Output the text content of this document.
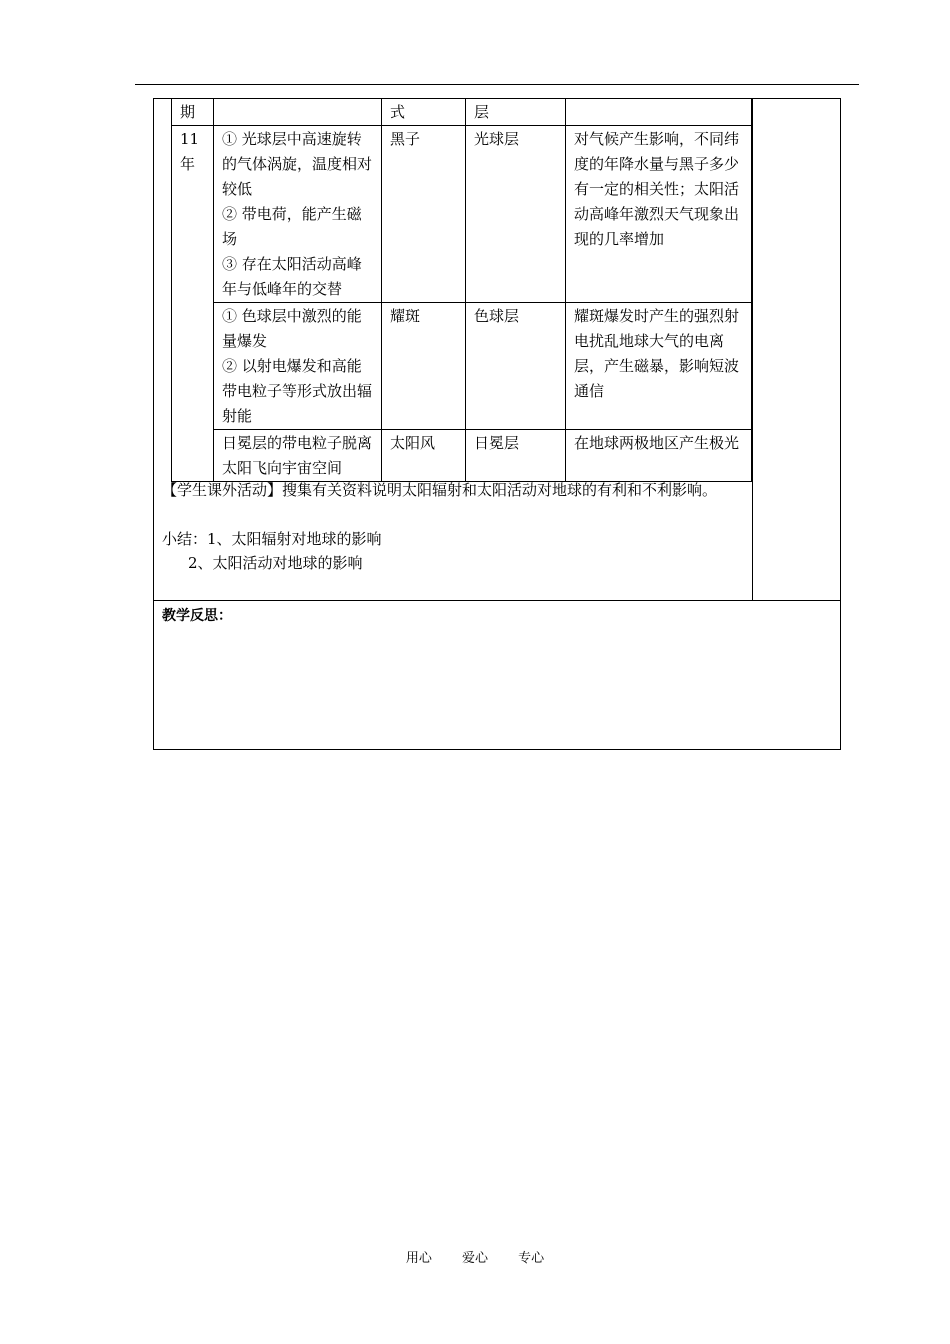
期		式	层	
11年	① 光球层中高速旋转的气体涡旋，温度相对较低
② 带电荷，能产生磁场
③ 存在太阳活动高峰年与低峰年的交替	黑子	光球层	对气候产生影响，不同纬度的年降水量与黑子多少有一定的相关性；太阳活动高峰年激烈天气现象出现的几率增加

	① 色球层中激烈的能量爆发
② 以射电爆发和高能带电粒子等形式放出辐射能	耀斑	色球层	耀斑爆发时产生的强烈射电扰乱地球大气的电离层，产生磁暴，影响短波通信

	日冕层的带电粒子脱离太阳飞向宇宙空间	太阳风	日冕层	在地球两极地区产生极光
【学生课外活动】搜集有关资料说明太阳辐射和太阳活动对地球的有利和不利影响。
小结：1、太阳辐射对地球的影响
2、太阳活动对地球的影响
教学反思：
用心 爱心 专心
